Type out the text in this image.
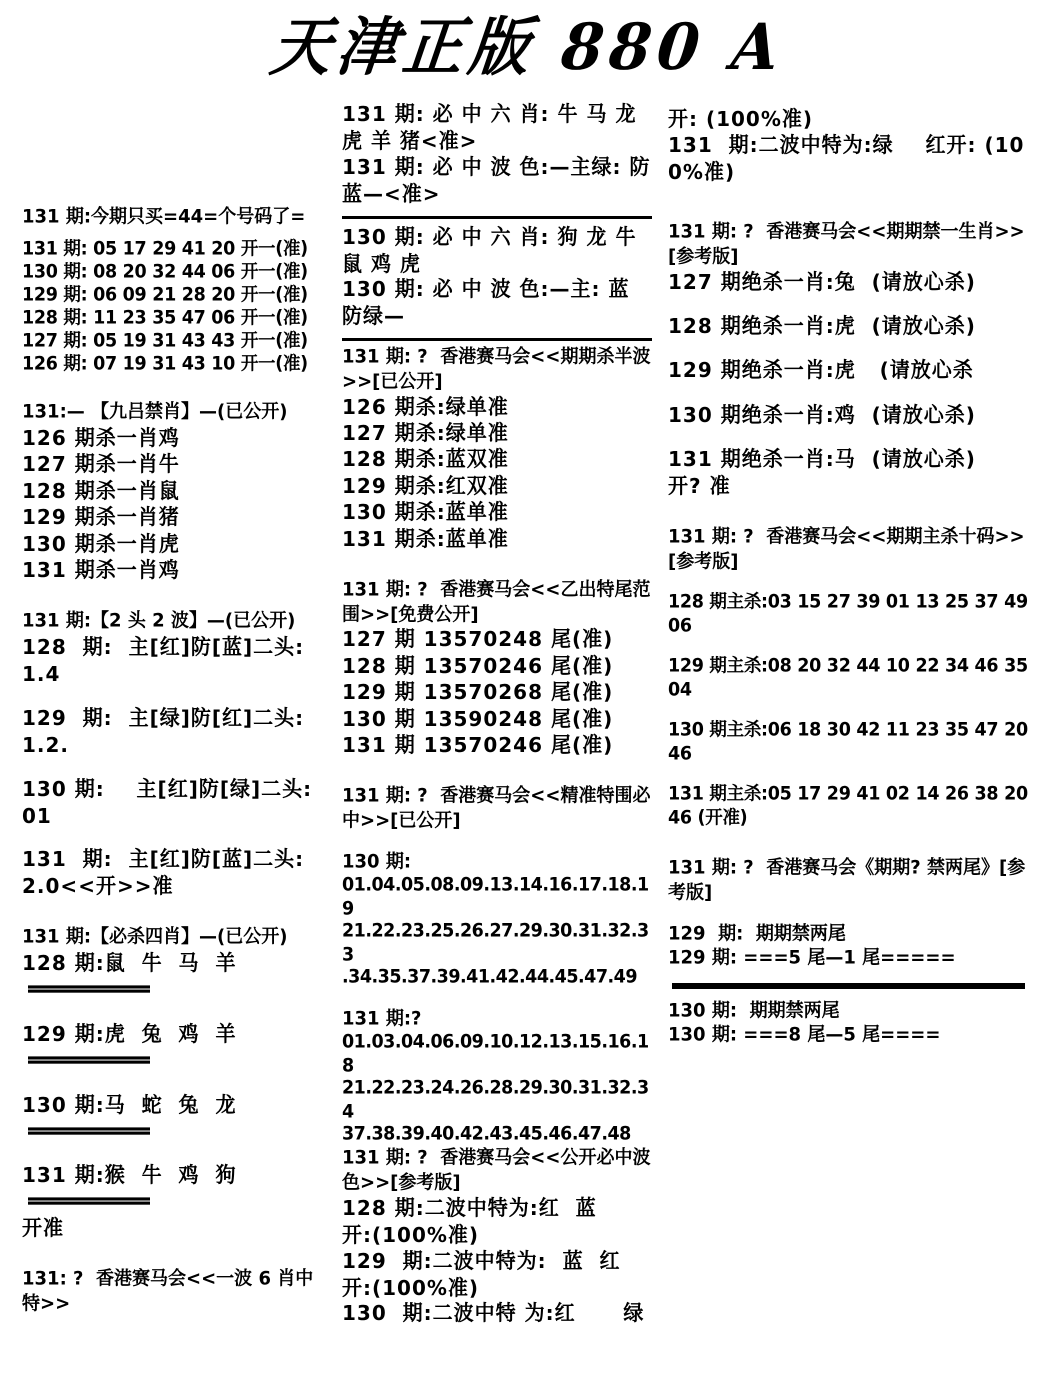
天津正版 880 A
131 期:今期只买=44=个号码了=
131 期: 05 17 29 41 20 开一(准)
130 期: 08 20 32 44 06 开一(准)
129 期: 06 09 21 28 20 开一(准)
128 期: 11 23 35 47 06 开一(准)
127 期: 05 19 31 43 43 开一(准)
126 期: 07 19 31 43 10 开一(准)
131:— 【九吕禁肖】—(已公开)
126 期杀一肖鸡
127 期杀一肖牛
128 期杀一肖鼠
129 期杀一肖猪
130 期杀一肖虎
131 期杀一肖鸡
131 期:【2 头 2 波】—(已公开)
128  期:  主[红]防[蓝]二头:1.4
129  期:  主[绿]防[红]二头:1.2.
130 期:    主[红]防[绿]二头:01
131  期:  主[红]防[蓝]二头:2.0<<开>>准
131 期:【必杀四肖】—(已公开)
128 期:鼠  牛  马  羊
129 期:虎  兔  鸡  羊
130 期:马  蛇  兔  龙
131 期:猴  牛  鸡  狗
开准
131: ?  香港赛马会<<一波 6 肖中特>>
131 期: 必 中 六 肖: 牛 马 龙 虎 羊 猪<准>
131 期: 必 中 波 色:—主绿: 防蓝—<准>
130 期: 必 中 六 肖: 狗 龙 牛 鼠 鸡 虎
130 期: 必 中 波 色:—主: 蓝 防绿—
131 期: ?  香港赛马会<<期期杀半波>>[已公开]
126 期杀:绿单准
127 期杀:绿单准
128 期杀:蓝双准
129 期杀:红双准
130 期杀:蓝单准
131 期杀:蓝单准
131 期: ?  香港赛马会<<乙出特尾范围>>[免费公开]
127 期 13570248 尾(准)
128 期 13570246 尾(准)
129 期 13570268 尾(准)
130 期 13590248 尾(准)
131 期 13570246 尾(准)
131 期: ?  香港赛马会<<精准特围必中>>[已公开]
130 期:
01.04.05.08.09.13.14.16.17.18.19
21.22.23.25.26.27.29.30.31.32.33
.34.35.37.39.41.42.44.45.47.49
131 期:?
01.03.04.06.09.10.12.13.15.16.18
21.22.23.24.26.28.29.30.31.32.34
37.38.39.40.42.43.45.46.47.48
131 期: ?  香港赛马会<<公开必中波色>>[参考版]
128 期:二波中特为:红  蓝    开:(100%准)
129  期:二波中特为:  蓝  红 开:(100%准)
130  期:二波中特 为:红      绿
开: (100%准)
131  期:二波中特为:绿    红开: (100%准)
131 期: ?  香港赛马会<<期期禁一生肖>>[参考版]
127 期绝杀一肖:兔  (请放心杀)
128 期绝杀一肖:虎  (请放心杀)
129 期绝杀一肖:虎   (请放心杀
130 期绝杀一肖:鸡  (请放心杀)
131 期绝杀一肖:马  (请放心杀)
开? 准
131 期: ?  香港赛马会<<期期主杀十码>>[参考版]
128 期主杀:03 15 27 39 01 13 25 37 49 06
129 期主杀:08 20 32 44 10 22 34 46 35 04
130 期主杀:06 18 30 42 11 23 35 47 20 46
131 期主杀:05 17 29 41 02 14 26 38 20 46 (开准)
131 期: ?  香港赛马会《期期? 禁两尾》[参考版]
129  期:  期期禁两尾
129 期: ===5 尾—1 尾=====
130 期:  期期禁两尾
130 期: ===8 尾—5 尾====
